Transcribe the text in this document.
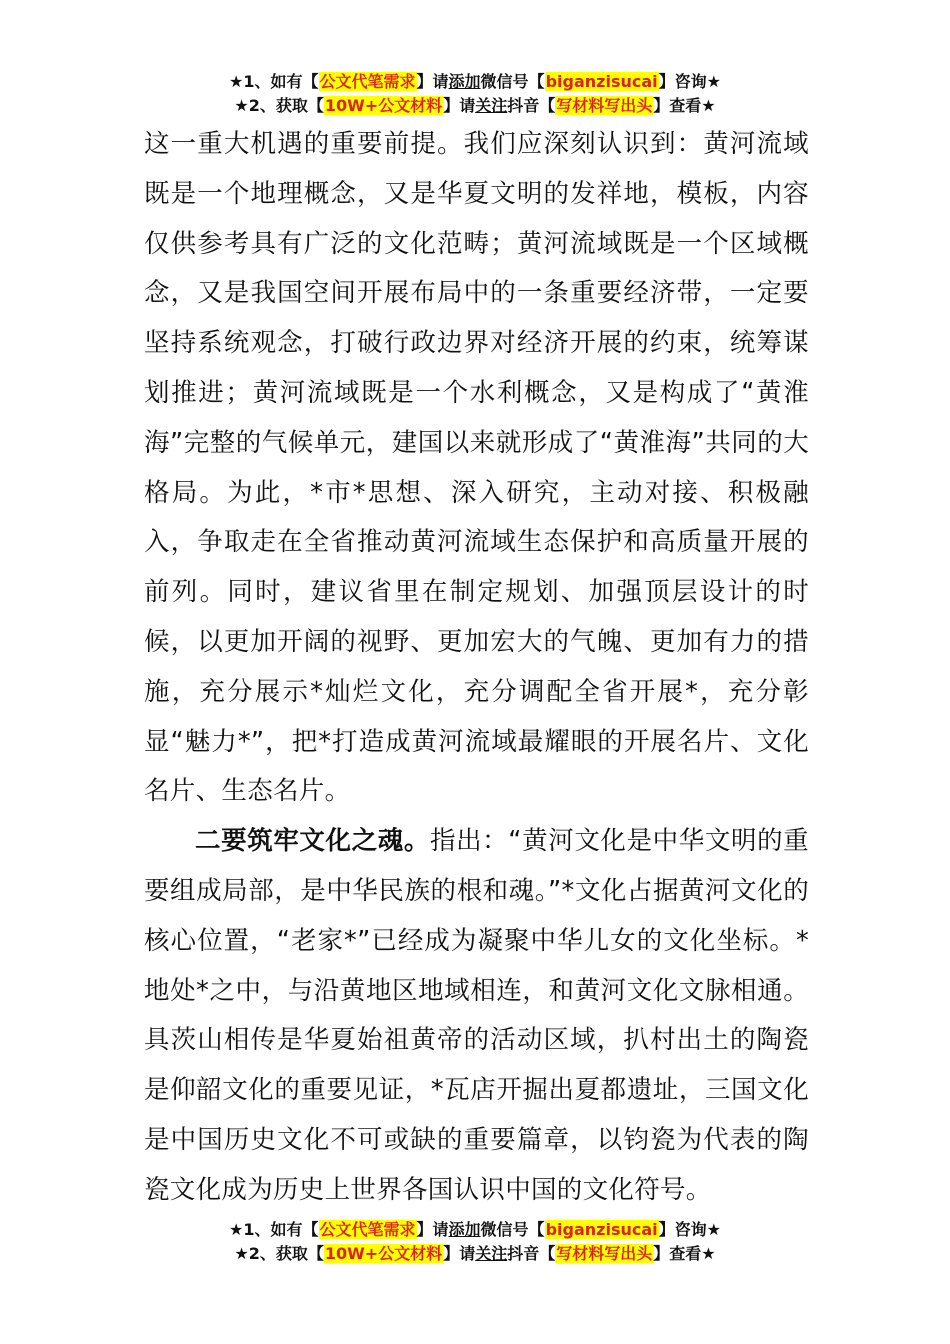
★1、如有【公文代笔需求】请添加微信号【biganzisucai】咨询★
★2、获取【10W+公文材料】请关注抖音【写材料写出头】查看★

这一重大机遇的重要前提。我们应深刻认识到：黄河流域既是一个地理概念，又是华夏文明的发祥地，模板，内容仅供参考具有广泛的文化范畴；黄河流域既是一个区域概念，又是我国空间开展布局中的一条重要经济带，一定要坚持系统观念，打破行政边界对经济开展的约束，统筹谋划推进；黄河流域既是一个水利概念，又是构成了“黄淮海”完整的气候单元，建国以来就形成了“黄淮海”共同的大格局。为此，*市*思想、深入研究，主动对接、积极融入，争取走在全省推动黄河流域生态保护和高质量开展的前列。同时，建议省里在制定规划、加强顶层设计的时候，以更加开阔的视野、更加宏大的气魄、更加有力的措施，充分展示*灿烂文化，充分调配全省开展*，充分彰显“魅力*”，把*打造成黄河流域最耀眼的开展名片、文化名片、生态名片。

二要筑牢文化之魂。指出：“黄河文化是中华文明的重要组成局部，是中华民族的根和魂。”*文化占据黄河文化的核心位置，“老家*”已经成为凝聚中华儿女的文化坐标。*地处*之中，与沿黄地区地域相连，和黄河文化文脉相通。具茨山相传是华夏始祖黄帝的活动区域，扒村出土的陶瓷是仰韶文化的重要见证，*瓦店开掘出夏都遗址，三国文化是中国历史文化不可或缺的重要篇章，以钧瓷为代表的陶瓷文化成为历史上世界各国认识中国的文化符号。

★1、如有【公文代笔需求】请添加微信号【biganzisucai】咨询★
★2、获取【10W+公文材料】请关注抖音【写材料写出头】查看★
